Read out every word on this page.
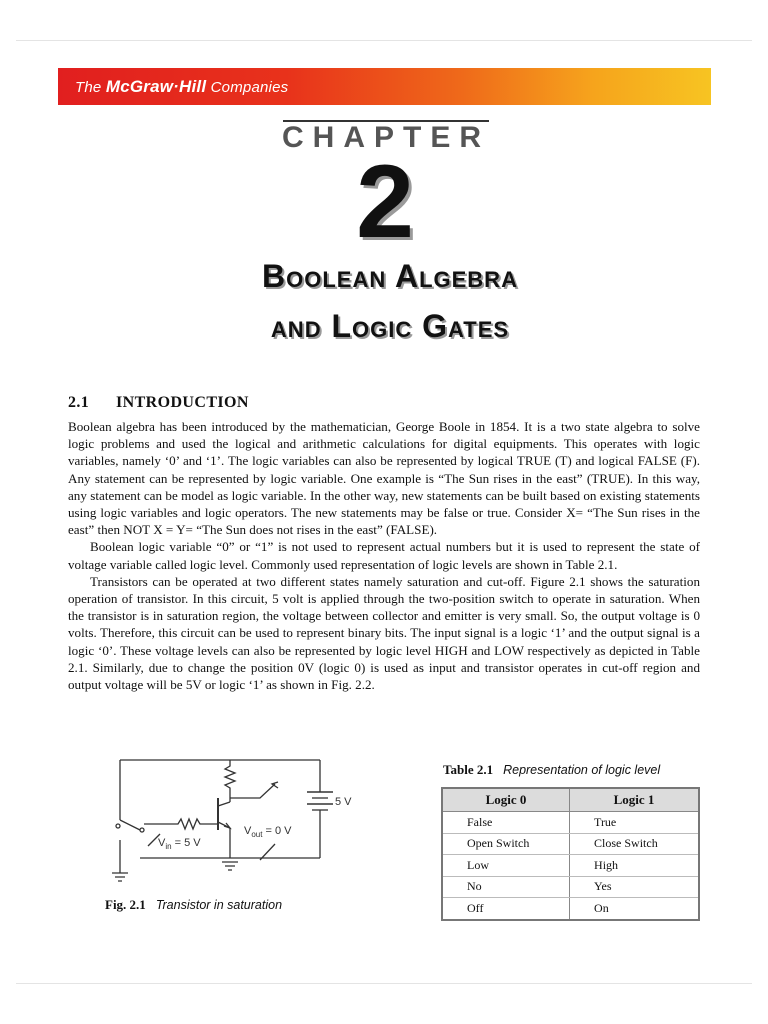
The McGraw·Hill Companies
CHAPTER
2
Boolean Algebra
and Logic Gates
2.1 INTRODUCTION

Boolean algebra has been introduced by the mathematician, George Boole in 1854. It is a two state algebra to solve logic problems and used the logical and arithmetic calculations for digital equipments. This operates with logic variables, namely ‘0’ and ‘1’. The logic variables can also be represented by logical TRUE (T) and logical FALSE (F). Any statement can be represented by logic variable. One example is “The Sun rises in the east” (TRUE). In this way, any statement can be model as logic variable. In the other way, new statements can be built based on existing statements using logic variables and logic operators. The new statements may be false or true. Consider X= “The Sun rises in the east” then NOT X = Y= “The Sun does not rises in the east” (FALSE).

Boolean logic variable “0” or “1” is not used to represent actual numbers but it is used to represent the state of voltage variable called logic level. Commonly used representation of logic levels are shown in Table 2.1.

Transistors can be operated at two different states namely saturation and cut-off. Figure 2.1 shows the saturation operation of transistor. In this circuit, 5 volt is applied through the two-position switch to operate in saturation. When the transistor is in saturation region, the voltage between collector and emitter is very small. So, the output voltage is 0 volts. Therefore, this circuit can be used to represent binary bits. The input signal is a logic ‘1’ and the output signal is a logic ‘0’. These voltage levels can also be represented by logic level HIGH and LOW respectively as depicted in Table 2.1. Similarly, due to change the position 0V (logic 0) is used as input and transistor operates in cut-off region and output voltage will be 5V or logic ‘1’ as shown in Fig. 2.2.

5 V
$V_{in} = 5$ V
$V_{out} = 0$ V
Fig. 2.1 Transistor in saturation
Table 2.1 Representation of logic level
Logic 0	Logic 1
False	True
Open Switch	Close Switch
Low	High
No	Yes
Off	On
